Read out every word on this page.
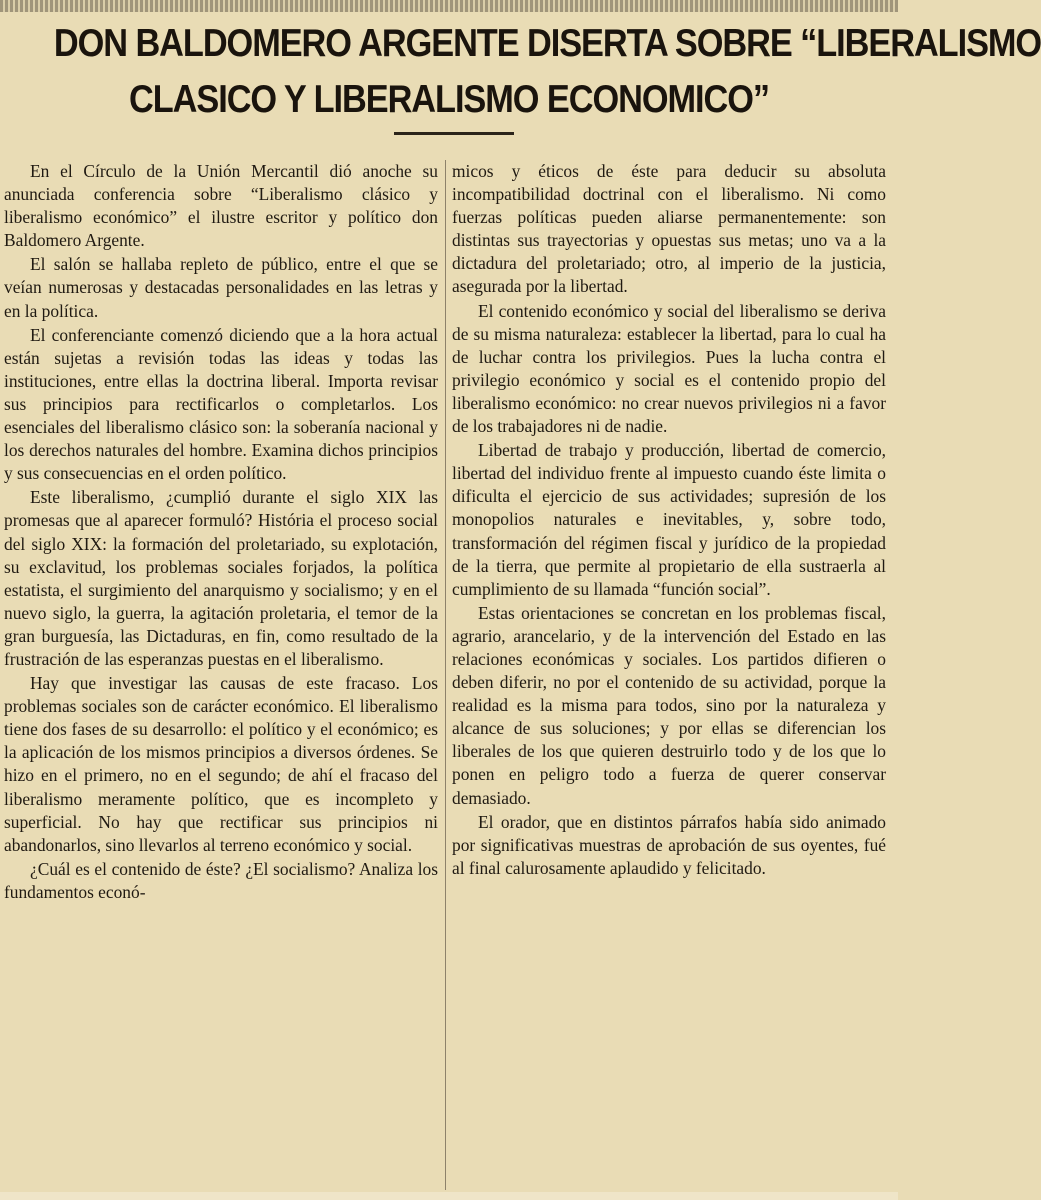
DON BALDOMERO ARGENTE DISERTA SOBRE “LIBERALISMO
CLASICO Y LIBERALISMO ECONOMICO”

En el Círculo de la Unión Mercantil dió anoche su anunciada conferencia sobre “Liberalismo clásico y liberalismo económico” el ilustre escritor y político don Baldomero Argente.

El salón se hallaba repleto de público, entre el que se veían numerosas y destacadas personalidades en las letras y en la política.

El conferenciante comenzó diciendo que a la hora actual están sujetas a revisión todas las ideas y todas las instituciones, entre ellas la doctrina liberal. Importa revisar sus principios para rectificarlos o completarlos. Los esenciales del liberalismo clásico son: la soberanía nacional y los derechos naturales del hombre. Examina dichos principios y sus consecuencias en el orden político.

Este liberalismo, ¿cumplió durante el siglo XIX las promesas que al aparecer formuló? História el proceso social del siglo XIX: la formación del proletariado, su explotación, su exclavitud, los problemas sociales forjados, la política estatista, el surgimiento del anarquismo y socialismo; y en el nuevo siglo, la guerra, la agitación proletaria, el temor de la gran burguesía, las Dictaduras, en fin, como resultado de la frustración de las esperanzas puestas en el liberalismo.

Hay que investigar las causas de este fracaso. Los problemas sociales son de carácter económico. El liberalismo tiene dos fases de su desarrollo: el político y el económico; es la aplicación de los mismos principios a diversos órdenes. Se hizo en el primero, no en el segundo; de ahí el fracaso del liberalismo meramente político, que es incompleto y superficial. No hay que rectificar sus principios ni abandonarlos, sino llevarlos al terreno económico y social.

¿Cuál es el contenido de éste? ¿El socialismo? Analiza los fundamentos econó-

micos y éticos de éste para deducir su absoluta incompatibilidad doctrinal con el liberalismo. Ni como fuerzas políticas pueden aliarse permanentemente: son distintas sus trayectorias y opuestas sus metas; uno va a la dictadura del proletariado; otro, al imperio de la justicia, asegurada por la libertad.

El contenido económico y social del liberalismo se deriva de su misma naturaleza: establecer la libertad, para lo cual ha de luchar contra los privilegios. Pues la lucha contra el privilegio económico y social es el contenido propio del liberalismo económico: no crear nuevos privilegios ni a favor de los trabajadores ni de nadie.

Libertad de trabajo y producción, libertad de comercio, libertad del individuo frente al impuesto cuando éste limita o dificulta el ejercicio de sus actividades; supresión de los monopolios naturales e inevitables, y, sobre todo, transformación del régimen fiscal y jurídico de la propiedad de la tierra, que permite al propietario de ella sustraerla al cumplimiento de su llamada “función social”.

Estas orientaciones se concretan en los problemas fiscal, agrario, arancelario, y de la intervención del Estado en las relaciones económicas y sociales. Los partidos difieren o deben diferir, no por el contenido de su actividad, porque la realidad es la misma para todos, sino por la naturaleza y alcance de sus soluciones; y por ellas se diferencian los liberales de los que quieren destruirlo todo y de los que lo ponen en peligro todo a fuerza de querer conservar demasiado.

El orador, que en distintos párrafos había sido animado por significativas muestras de aprobación de sus oyentes, fué al final calurosamente aplaudido y felicitado.
